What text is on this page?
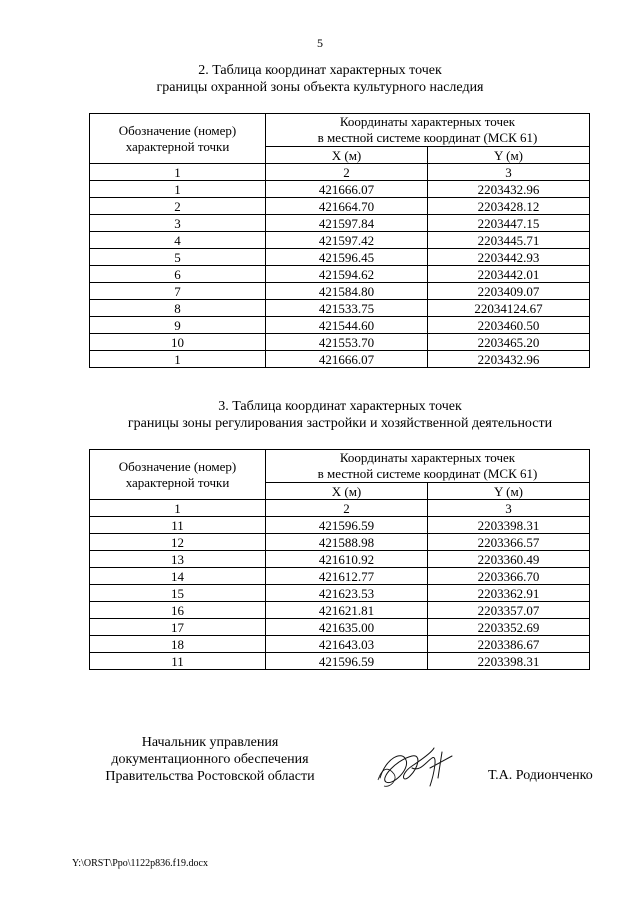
5
2. Таблица координат характерных точек
границы охранной зоны объекта культурного наследия
Обозначение (номер)
характерной точки	Координаты характерных точек
в местной системе координат (МСК 61)	

	X (м)	Y (м)
1	2	3
1	421666.07	2203432.96
2	421664.70	2203428.12
3	421597.84	2203447.15
4	421597.42	2203445.71
5	421596.45	2203442.93
6	421594.62	2203442.01
7	421584.80	2203409.07
8	421533.75	22034124.67
9	421544.60	2203460.50
10	421553.70	2203465.20
1	421666.07	2203432.96
3. Таблица координат характерных точек
границы зоны регулирования застройки и хозяйственной деятельности
Обозначение (номер)
характерной точки	Координаты характерных точек
в местной системе координат (МСК 61)	

	X (м)	Y (м)
1	2	3
11	421596.59	2203398.31
12	421588.98	2203366.57
13	421610.92	2203360.49
14	421612.77	2203366.70
15	421623.53	2203362.91
16	421621.81	2203357.07
17	421635.00	2203352.69
18	421643.03	2203386.67
11	421596.59	2203398.31
Начальник управления
документационного обеспечения
Правительства Ростовской области	Т.А. Родионченко
Y:\ORST\Ppo\1122p836.f19.docx
